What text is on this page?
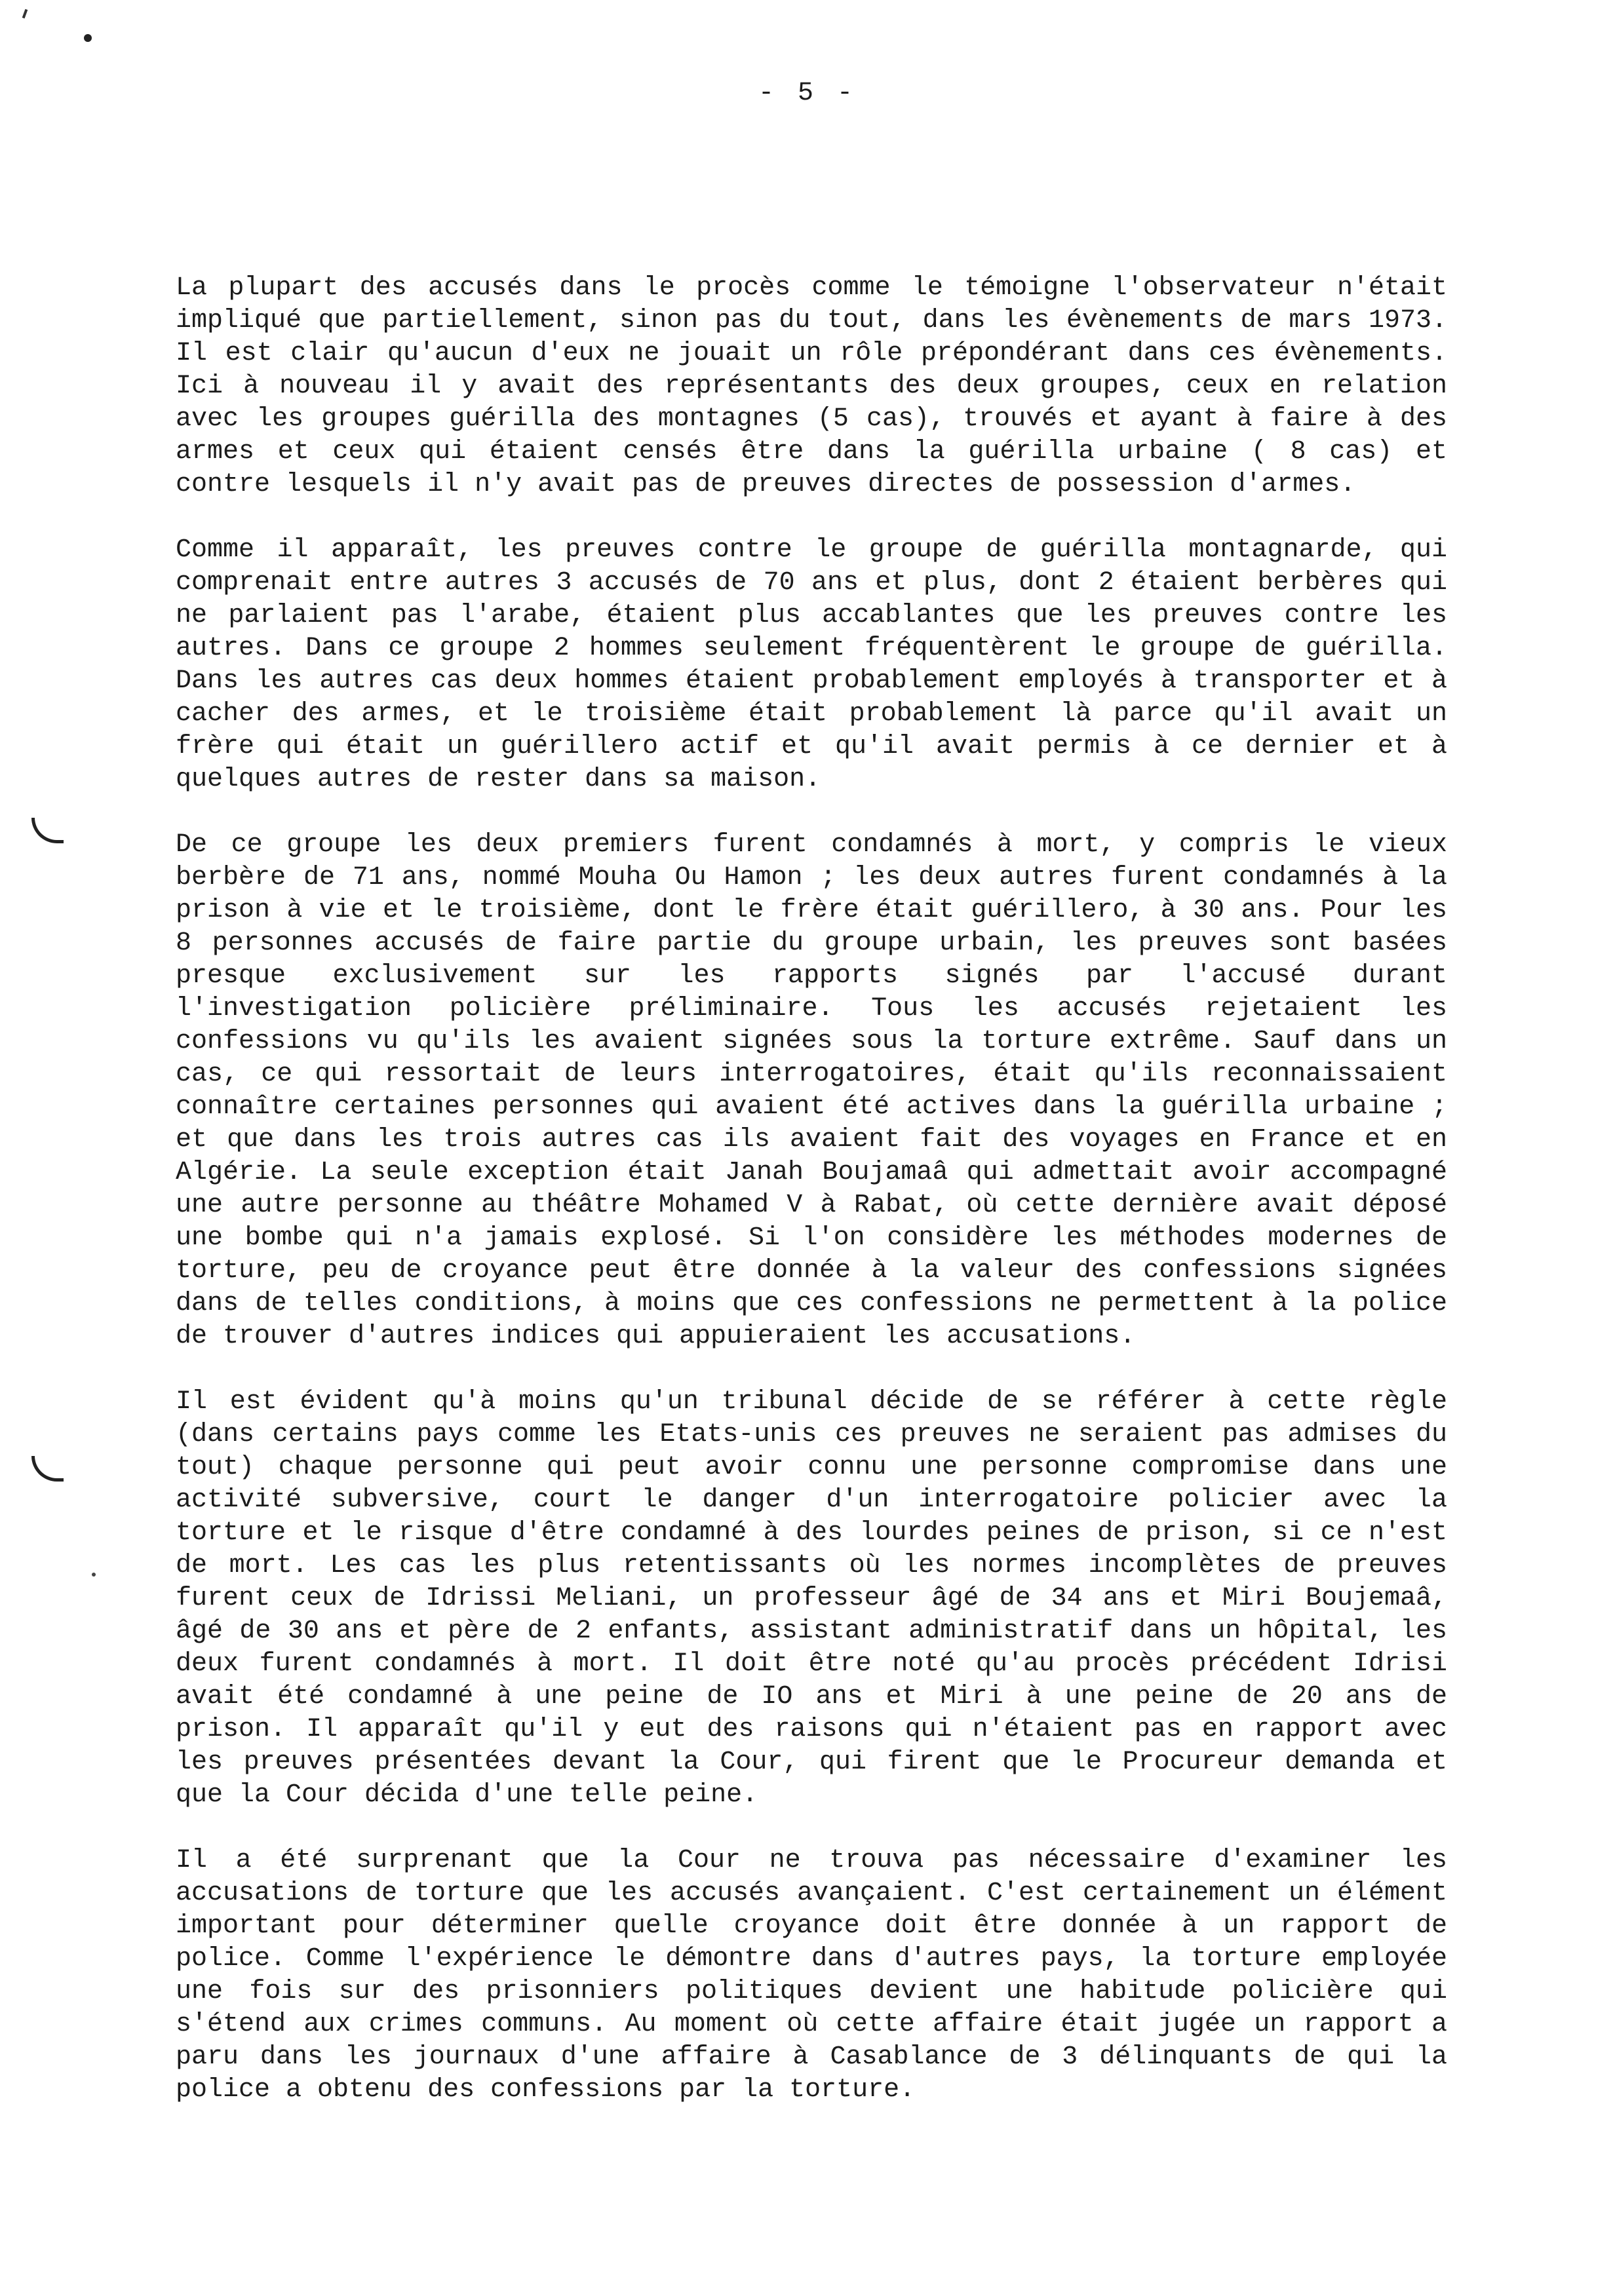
- 5 -

La plupart des accusés dans le procès comme le témoigne l'observateur n'était impliqué que partiellement, sinon pas du tout, dans les évènements de mars 1973. Il est clair qu'aucun d'eux ne jouait un rôle prépondérant dans ces évènements. Ici à nouveau il y avait des représentants des deux groupes, ceux en relation avec les groupes guérilla des montagnes (5 cas), trouvés et ayant à faire à des armes et ceux qui étaient censés être dans la guérilla urbaine ( 8 cas) et contre lesquels il n'y avait pas de preuves directes de possession d'armes.

Comme il apparaît, les preuves contre le groupe de guérilla montagnarde, qui comprenait entre autres 3 accusés de 70 ans et plus, dont 2 étaient berbères qui ne parlaient pas l'arabe, étaient plus accablantes que les preuves contre les autres. Dans ce groupe 2 hommes seulement fréquentèrent le groupe de guérilla. Dans les autres cas deux hommes étaient probablement employés à transporter et à cacher des armes, et le troisième était probablement là parce qu'il avait un frère qui était un guérillero actif et qu'il avait permis à ce dernier et à quelques autres de rester dans sa maison.

De ce groupe les deux premiers furent condamnés à mort, y compris le vieux berbère de 71 ans, nommé Mouha Ou Hamon ; les deux autres furent condamnés à la prison à vie et le troisième, dont le frère était guérillero, à 30 ans. Pour les 8 personnes accusés de faire partie du groupe urbain, les preuves sont basées presque exclusivement sur les rapports signés par l'accusé durant l'investigation policière préliminaire. Tous les accusés rejetaient les confessions vu qu'ils les avaient signées sous la torture extrême. Sauf dans un cas, ce qui ressortait de leurs interrogatoires, était qu'ils reconnaissaient connaître certaines personnes qui avaient été actives dans la guérilla urbaine ; et que dans les trois autres cas ils avaient fait des voyages en France et en Algérie. La seule exception était Janah Boujamaâ qui admettait avoir accompagné une autre personne au théâtre Mohamed V à Rabat, où cette dernière avait déposé une bombe qui n'a jamais explosé. Si l'on considère les méthodes modernes de torture, peu de croyance peut être donnée à la valeur des confessions signées dans de telles conditions, à moins que ces confessions ne permettent à la police de trouver d'autres indices qui appuieraient les accusations.

Il est évident qu'à moins qu'un tribunal décide de se référer à cette règle (dans certains pays comme les Etats-unis ces preuves ne seraient pas admises du tout) chaque personne qui peut avoir connu une personne compromise dans une activité subversive, court le danger d'un interrogatoire policier avec la torture et le risque d'être condamné à des lourdes peines de prison, si ce n'est de mort. Les cas les plus retentissants où les normes incomplètes de preuves furent ceux de Idrissi Meliani, un professeur âgé de 34 ans et Miri Boujemaâ, âgé de 30 ans et père de 2 enfants, assistant administratif dans un hôpital, les deux furent condamnés à mort. Il doit être noté qu'au procès précédent Idrisi avait été condamné à une peine de IO ans et Miri à une peine de 20 ans de prison. Il apparaît qu'il y eut des raisons qui n'étaient pas en rapport avec les preuves présentées devant la Cour, qui firent que le Procureur demanda et que la Cour décida d'une telle peine.

Il a été surprenant que la Cour ne trouva pas nécessaire d'examiner les accusations de torture que les accusés avançaient. C'est certainement un élément important pour déterminer quelle croyance doit être donnée à un rapport de police. Comme l'expérience le démontre dans d'autres pays, la torture employée une fois sur des prisonniers politiques devient une habitude policière qui s'étend aux crimes communs. Au moment où cette affaire était jugée un rapport a paru dans les journaux d'une affaire à Casablance de 3 délinquants de qui la police a obtenu des confessions par la torture.
